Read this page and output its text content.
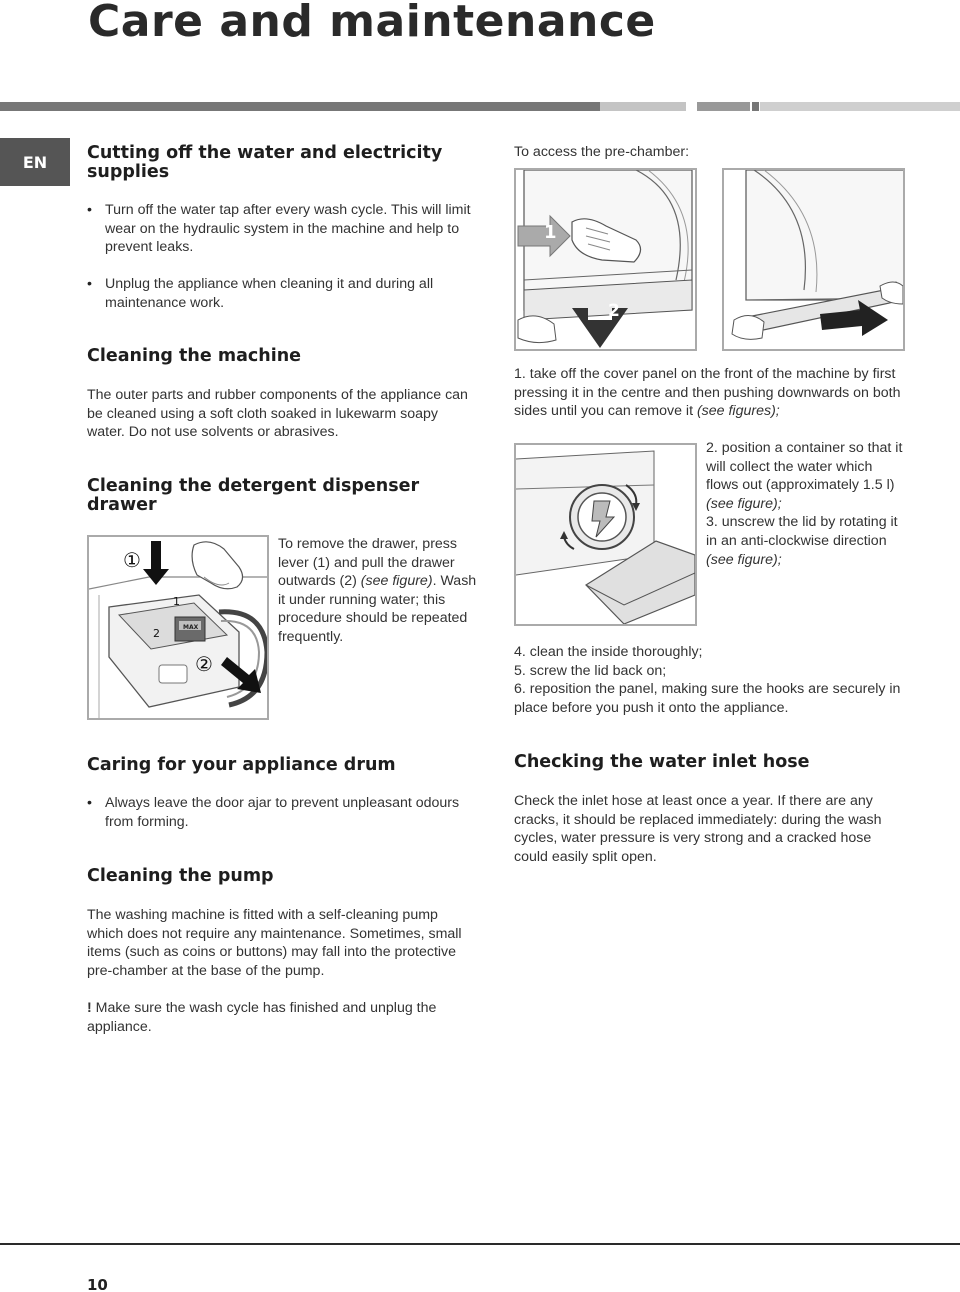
Care and maintenance
EN	Cutting off the water and electricity supplies
• Turn off the water tap after every wash cycle. This will limit wear on the hydraulic system in the machine and help to prevent leaks.
• Unplug the appliance when cleaning it and during all maintenance work.
Cleaning the machine
The outer parts and rubber components of the appliance can be cleaned using a soft cloth soaked in lukewarm soapy water. Do not use solvents or abrasives.
Cleaning the detergent dispenser drawer
MAX
①
②
1
2
To remove the drawer, press lever (1) and pull the drawer outwards (2) (see figure). Wash it under running water; this procedure should be repeated frequently.
Caring for your appliance drum
• Always leave the door ajar to prevent unpleasant odours from forming.
Cleaning the pump
The washing machine is fitted with a self-cleaning pump which does not require any maintenance. Sometimes, small items (such as coins or buttons) may fall into the protective pre-chamber at the base of the pump.
! Make sure the wash cycle has finished and unplug the appliance.
To access the pre-chamber:
1
2
1. take off the cover panel on the front of the machine by first pressing it in the centre and then pushing downwards on both sides until you can remove it (see figures);
2. position a container so that it will collect the water which flows out (approximately 1.5 l) (see figure);
3. unscrew the lid by rotating it in an anti-clockwise direction (see figure);
4. clean the inside thoroughly;
5. screw the lid back on;
6. reposition the panel, making sure the hooks are securely in place before you push it onto the appliance.
Checking the water inlet hose
Check the inlet hose at least once a year. If there are any cracks, it should be replaced immediately: during the wash cycles, water pressure is very strong and a cracked hose could easily split open.
10
